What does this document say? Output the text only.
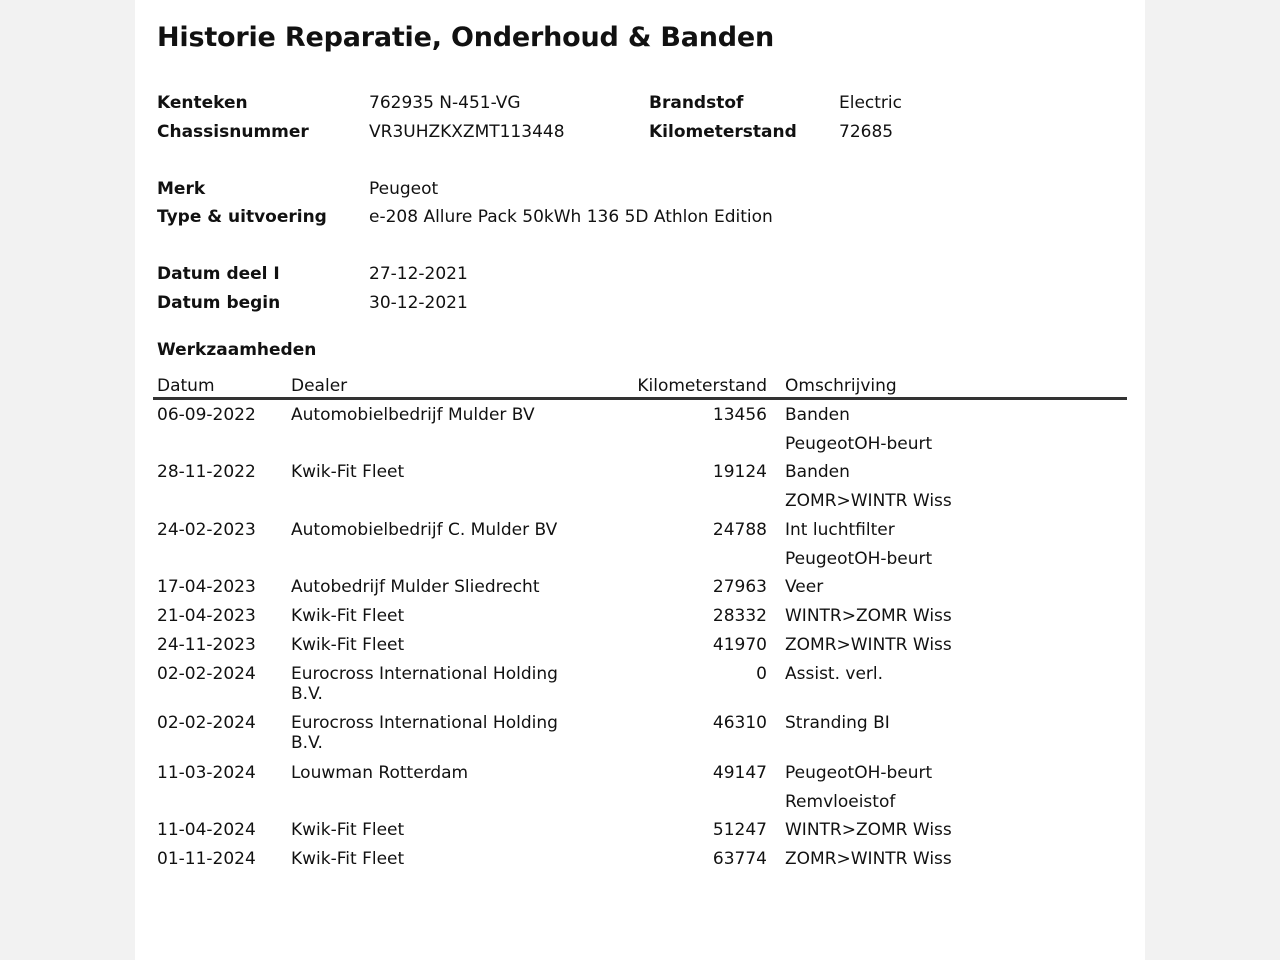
Historie Reparatie, Onderhoud & Banden
Kenteken	762935 N-451-VG	Brandstof	Electric
Chassisnummer	VR3UHZKXZMT113448	Kilometerstand 72685
Merk	Peugeot
Type & uitvoering e-208 Allure Pack 50kWh 136 5D Athlon Edition
Datum deel I	27-12-2021
Datum begin	30-12-2021
Werkzaamheden
Datum	Dealer	Kilometerstand Omschrijving
06-09-2022 Automobielbedrijf Mulder BV	13456 Banden
PeugeotOH-beurt
28-11-2022 Kwik-Fit Fleet	19124 Banden
ZOMR>WINTR Wiss
24-02-2023 Automobielbedrijf C. Mulder BV	24788 Int luchtfilter
PeugeotOH-beurt
17-04-2023 Autobedrijf Mulder Sliedrecht	27963 Veer
21-04-2023 Kwik-Fit Fleet	28332 WINTR>ZOMR Wiss
24-11-2023 Kwik-Fit Fleet	41970 ZOMR>WINTR Wiss
02-02-2024 Eurocross International Holding B.V.
0 Assist. verl.
02-02-2024 Eurocross International Holding B.V.
46310 Stranding BI
11-03-2024 Louwman Rotterdam	49147 PeugeotOH-beurt
Remvloeistof
11-04-2024 Kwik-Fit Fleet	51247 WINTR>ZOMR Wiss
01-11-2024 Kwik-Fit Fleet	63774 ZOMR>WINTR Wiss
